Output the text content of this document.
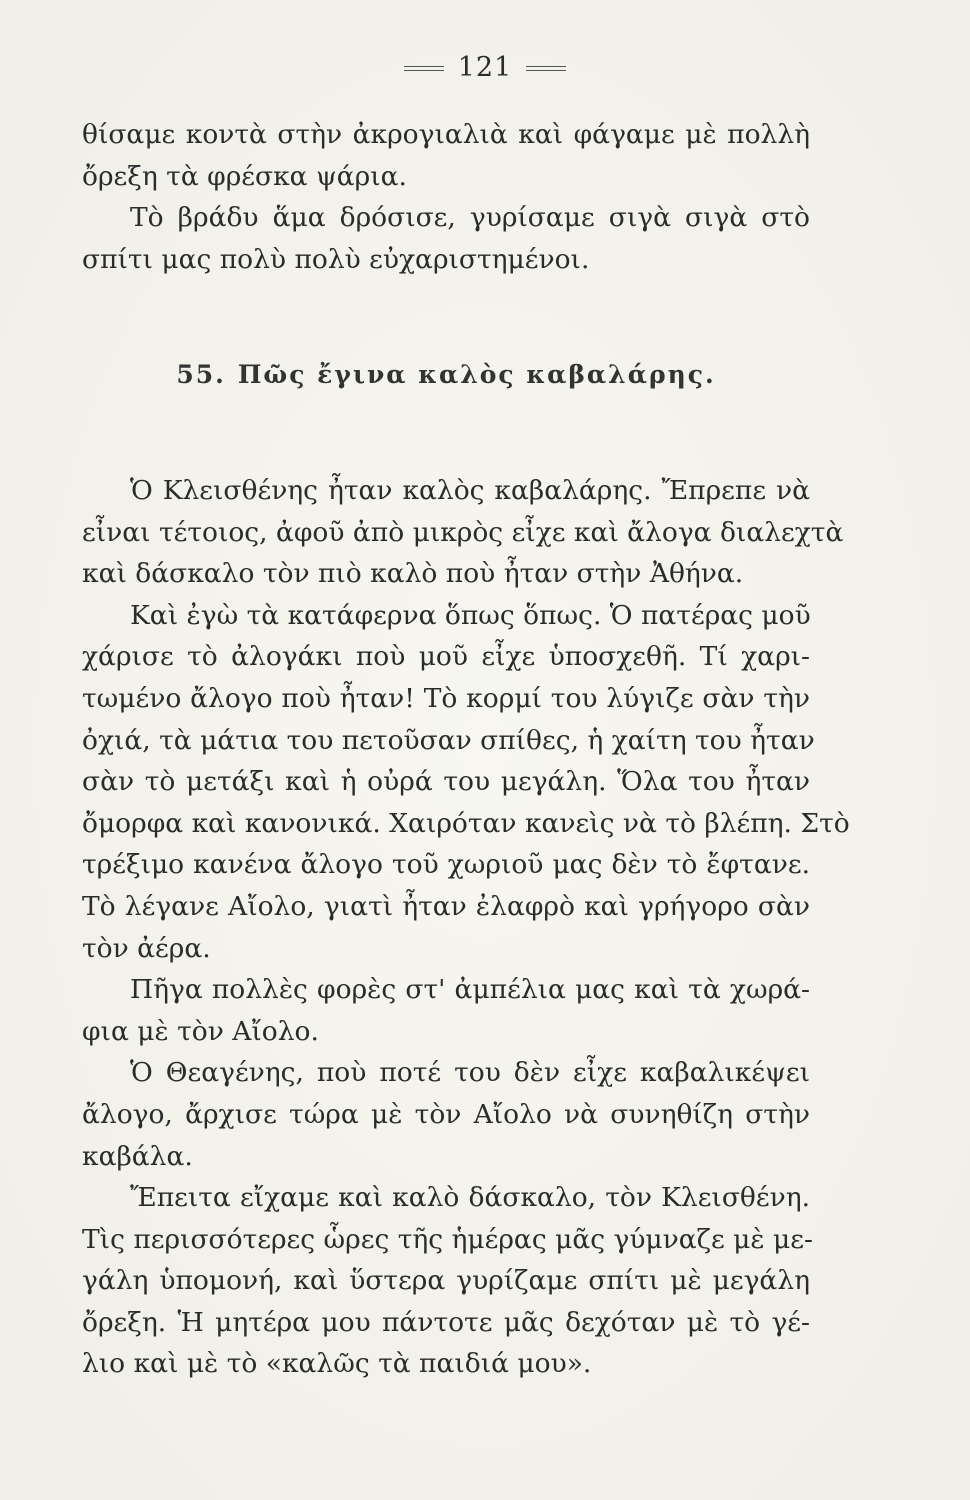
121
θίσαμε κοντὰ στὴν ἀκρογιαλιὰ καὶ φάγαμε μὲ πολλὴ
ὄρεξη τὰ φρέσκα ψάρια.
Τὸ βράδυ ἅμα δρόσισε, γυρίσαμε σιγὰ σιγὰ στὸ
σπίτι μας πολὺ πολὺ εὐχαριστημένοι.
55. Πῶς ἔγινα καλὸς καβαλάρης.
Ὁ Κλεισθένης ἦταν καλὸς καβαλάρης. Ἔπρεπε νὰ
εἶναι τέτοιος, ἀφοῦ ἀπὸ μικρὸς εἶχε καὶ ἄλογα διαλεχτὰ
καὶ δάσκαλο τὸν πιὸ καλὸ ποὺ ἦταν στὴν Ἀθήνα.
Καὶ ἐγὼ τὰ κατάφερνα ὅπως ὅπως. Ὁ πατέρας μοῦ
χάρισε τὸ ἀλογάκι ποὺ μοῦ εἶχε ὑποσχεθῆ. Τί χαρι-
τωμένο ἄλογο ποὺ ἦταν! Τὸ κορμί του λύγιζε σὰν τὴν
ὀχιά, τὰ μάτια του πετοῦσαν σπίθες, ἡ χαίτη του ἦταν
σὰν τὸ μετάξι καὶ ἡ οὐρά του μεγάλη. Ὅλα του ἦταν
ὄμορφα καὶ κανονικά. Χαιρόταν κανεὶς νὰ τὸ βλέπη. Στὸ
τρέξιμο κανένα ἄλογο τοῦ χωριοῦ μας δὲν τὸ ἔφτανε.
Τὸ λέγανε Αἴολο, γιατὶ ἦταν ἐλαφρὸ καὶ γρήγορο σὰν
τὸν ἀέρα.
Πῆγα πολλὲς φορὲς στ' ἀμπέλια μας καὶ τὰ χωρά-
φια μὲ τὸν Αἴολο.
Ὁ Θεαγένης, ποὺ ποτέ του δὲν εἶχε καβαλικέψει
ἄλογο, ἄρχισε τώρα μὲ τὸν Αἴολο νὰ συνηθίζη στὴν
καβάλα.
Ἔπειτα εἴχαμε καὶ καλὸ δάσκαλο, τὸν Κλεισθένη.
Τὶς περισσότερες ὧρες τῆς ἡμέρας μᾶς γύμναζε μὲ με-
γάλη ὑπομονή, καὶ ὕστερα γυρίζαμε σπίτι μὲ μεγάλη
ὄρεξη. Ἡ μητέρα μου πάντοτε μᾶς δεχόταν μὲ τὸ γέ-
λιο καὶ μὲ τὸ «καλῶς τὰ παιδιά μου».
